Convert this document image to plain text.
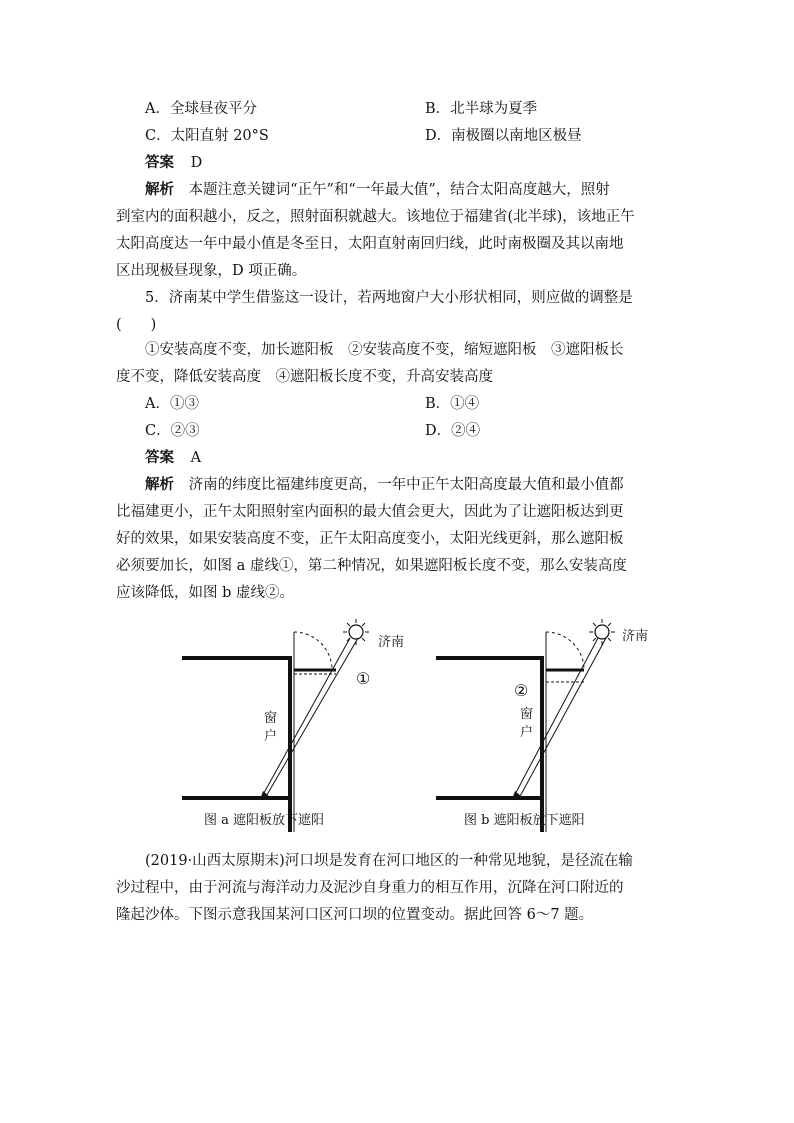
A．全球昼夜平分	B．北半球为夏季
C．太阳直射 20°S	D．南极圈以南地区极昼
答案 D
解析 本题注意关键词“正午”和“一年最大值”，结合太阳高度越大，照射
到室内的面积越小，反之，照射面积就越大。该地位于福建省(北半球)，该地正午
太阳高度达一年中最小值是冬至日，太阳直射南回归线，此时南极圈及其以南地
区出现极昼现象，D 项正确。
5．济南某中学生借鉴这一设计，若两地窗户大小形状相同，则应做的调整是
(　　)
①安装高度不变，加长遮阳板　②安装高度不变，缩短遮阳板　③遮阳板长
度不变，降低安装高度　④遮阳板长度不变，升高安装高度
A．①③	B．①④
C．②③	D．②④
答案 A
解析 济南的纬度比福建纬度更高，一年中正午太阳高度最大值和最小值都
比福建更小，正午太阳照射室内面积的最大值会更大，因此为了让遮阳板达到更
好的效果，如果安装高度不变，正午太阳高度变小，太阳光线更斜，那么遮阳板
必须要加长，如图 a 虚线①，第二种情况，如果遮阳板长度不变，那么安装高度
应该降低，如图 b 虚线②。
济南
①
窗
户
图 a 遮阳板放下遮阳
济南
②
窗
户
图 b 遮阳板放下遮阳
(2019·山西太原期末)河口坝是发育在河口地区的一种常见地貌，是径流在输
沙过程中，由于河流与海洋动力及泥沙自身重力的相互作用，沉降在河口附近的
隆起沙体。下图示意我国某河口区河口坝的位置变动。据此回答 6～7 题。
